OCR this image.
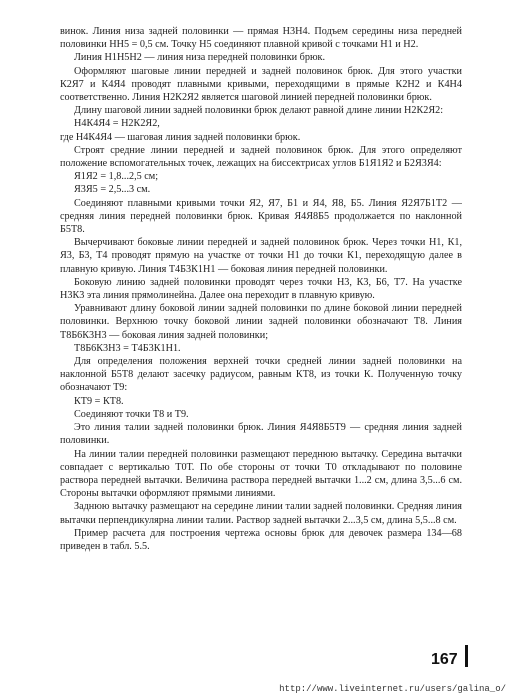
винок. Линия низа задней половинки — прямая Н3Н4. Подъем середины низа передней половинки НН5 = 0,5 см. Точку Н5 соединяют плавной кривой с точками Н1 и Н2.

Линия Н1Н5Н2 — линия низа передней половинки брюк.

Оформляют шаговые линии передней и задней половинок брюк. Для этого участки К2Я7 и К4Я4 проводят плавными кривыми, переходящими в прямые К2Н2 и К4Н4 соответственно. Линия Н2К2Я2 является шаговой линией передней половинки брюк.

Длину шаговой линии задней половинки брюк делают равной длине линии Н2К2Я2:

Н4К4Я4 = Н2К2Я2,

где Н4К4Я4 — шаговая линия задней половинки брюк.

Строят средние линии передней и задней половинок брюк. Для этого определяют положение вспомогательных точек, лежащих на биссектрисах углов Б1Я1Я2 и Б2Я3Я4:

Я1Я2 = 1,8...2,5 см;

Я3Я5 = 2,5...3 см.

Соединяют плавными кривыми точки Я2, Я7, Б1 и Я4, Я8, Б5. Линия Я2Я7Б1Т2 — средняя линия передней половинки брюк. Кривая Я4Я8Б5 продолжается по наклонной Б5Т8.

Вычерчивают боковые линии передней и задней половинок брюк. Через точки Н1, К1, Я3, Б3, Т4 проводят прямую на участке от точки Н1 до точки К1, переходящую далее в плавную кривую. Линия Т4Б3К1Н1 — боковая линия передней половинки.

Боковую линию задней половинки проводят через точки Н3, К3, Б6, Т7. На участке Н3К3 эта линия прямолинейна. Далее она переходит в плавную кривую.

Уравнивают длину боковой линии задней половинки по длине боковой линии передней половинки. Верхнюю точку боковой линии задней половинки обозначают Т8. Линия Т8Б6К3Н3 — боковая линия задней половинки;

Т8Б6К3Н3 = Т4Б3К1Н1.

Для определения положения верхней точки средней линии задней половинки на наклонной Б5Т8 делают засечку радиусом, равным КТ8, из точки К. Полученную точку обозначают Т9:

КТ9 = КТ8.

Соединяют точки Т8 и Т9.

Это линия талии задней половинки брюк. Линия Я4Я8Б5Т9 — средняя линия задней половинки.

На линии талии передней половинки размещают переднюю вытачку. Середина вытачки совпадает с вертикалью Т0Т. По обе стороны от точки Т0 откладывают по половине раствора передней вытачки. Величина раствора передней вытачки 1...2 см, длина 3,5...6 см. Стороны вытачки оформляют прямыми линиями.

Заднюю вытачку размещают на середине линии талии задней половинки. Средняя линия вытачки перпендикулярна линии талии. Раствор задней вытачки 2...3,5 см, длина 5,5...8 см.

Пример расчета для построения чертежа основы брюк для девочек размера 134—68 приведен в табл. 5.5.

167
http://www.liveinternet.ru/users/galina_o/
